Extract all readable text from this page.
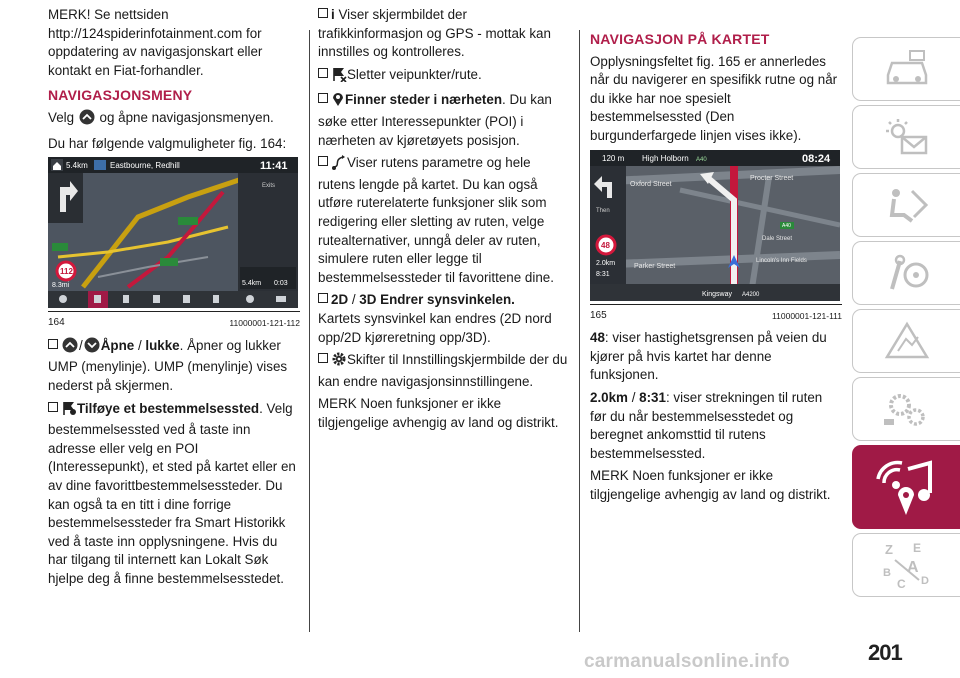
MERK! Se nettsiden http://124spiderinfotainment.com for oppdatering av navigasjonskart eller kontakt en Fiat-forhandler.

NAVIGASJONSMENY

Velg og åpne navigasjonsmenyen.

Du har følgende valgmuligheter fig. 164:

5.4km	Eastbourne, Redhill	11:41
Exits
112
8.3mi	5.4km 0:03
164	11000001-121-112

/ Åpne / lukke. Åpner og lukker UMP (menylinje). UMP (menylinje) vises nederst på skjermen.

Tilføye et bestemmelsessted. Velg bestemmelsessted ved å taste inn adresse eller velg en POI (Interessepunkt), et sted på kartet eller en av dine favorittbestemmelsessteder. Du kan også ta en titt i dine forrige bestemmelsessteder fra Smart Historikk ved å taste inn opplysningene. Hvis du har tilgang til internett kan Lokalt Søk hjelpe deg å finne bestemmelsesstedet.

i Viser skjermbildet der trafikkinformasjon og GPS - mottak kan innstilles og kontrolleres.

Sletter veipunkter/rute.

Finner steder i nærheten. Du kan søke etter Interessepunkter (POI) i nærheten av kjøretøyets posisjon.

Viser rutens parametre og hele rutens lengde på kartet. Du kan også utføre ruterelaterte funksjoner slik som redigering eller sletting av ruten, velge rutealternativer, unngå deler av ruten, simulere ruten eller legge til bestemmelsessteder til favorittene dine.

2D / 3D Endrer synsvinkelen.
Kartets synsvinkel kan endres (2D nord opp/2D kjøreretning opp/3D).

Skifter til Innstillingskjermbilde der du kan endre navigasjonsinnstillingene.

MERK Noen funksjoner er ikke tilgjengelige avhengig av land og distrikt.

NAVIGASJON PÅ KARTET

Opplysningsfeltet fig. 165 er annerledes når du navigerer en spesifikk rutne og når du ikke har noe spesielt bestemmelsessted (Den burgunderfargede linjen vises ikke).

120 m High Holborn A40	08:24
Then
48
2.0km
8:31
Oxford Street
Procter Street
Parker Street
Lincoln's Inn Fields
Kingsway A4200
Dale Street
A40
165	11000001-121-111

48: viser hastighetsgrensen på veien du kjører på hvis kartet har denne funksjonen.

2.0km / 8:31: viser strekningen til ruten før du når bestemmelsesstedet og beregnet ankomsttid til rutens bestemmelsessted.

MERK Noen funksjoner er ikke tilgjengelige avhengig av land og distrikt.

Z E
B A
C D
201
carmanualsonline.info
